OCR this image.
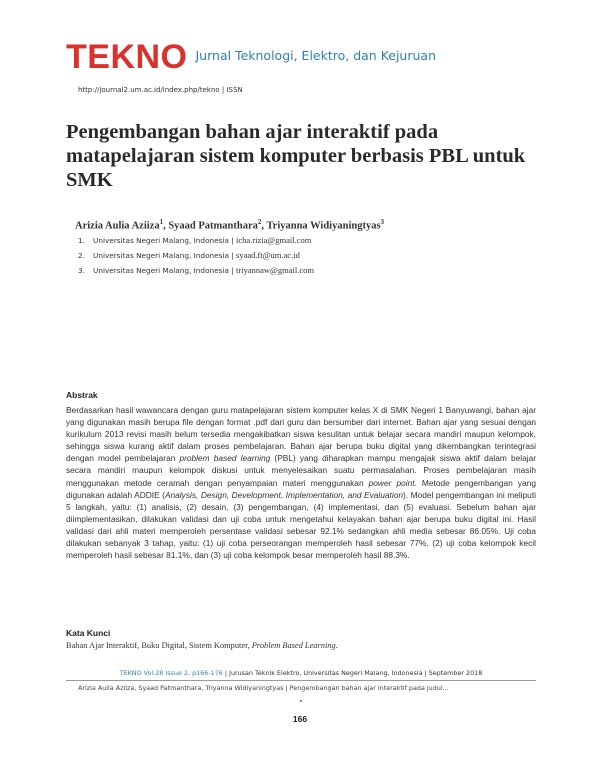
TEKNO $^{Jurnal Teknologi, Elektro, dan Kejuruan}$
http://journal2.um.ac.id/index.php/tekno | ISSN
Pengembangan bahan ajar interaktif pada matapelajaran sistem komputer berbasis PBL untuk SMK
Arizia Aulia Aziiza$^1$, Syaad Patmanthara$^2$, Triyanna Widiyaningtyas$^3$
1. Universitas Negeri Malang, Indonesia | icha.rizia@gmail.com
2. Universitas Negeri Malang, Indonesia | syaad.ft@um.ac.id
3. Universitas Negeri Malang, Indonesia | triyannaw@gmail.com
Abstrak
Berdasarkan hasil wawancara dengan guru matapelajaran sistem komputer kelas X di SMK Negeri 1 Banyuwangi, bahan ajar yang digunakan masih berupa file dengan format .pdf dari guru dan bersumber dari internet. Bahan ajar yang sesuai dengan kurikulum 2013 revisi masih belum tersedia mengakibatkan siswa kesulitan untuk belajar secara mandiri maupun kelompok, sehingga siswa kurang aktif dalam proses pembelajaran. Bahan ajar berupa buku digital yang dikembangkan terintegrasi dengan model pembelajaran problem based learning (PBL) yang diharapkan mampu mengajak siswa aktif dalam belajar secara mandiri maupun kelompok diskusi untuk menyelesaikan suatu permasalahan. Proses pembelajaran masih menggunakan metode ceramah dengan penyampaian materi menggunakan power point. Metode pengembangan yang digunakan adalah ADDIE (Analysis, Design, Development, Implementation, and Evaluation). Model pengembangan ini meliputi 5 langkah, yaitu: (1) analisis, (2) desain, (3) pengembangan, (4) implementasi, dan (5) evaluasi. Sebelum bahan ajar diimplementasikan, dilakukan validasi dan uji coba untuk mengetahui kelayakan bahan ajar berupa buku digital ini. Hasil validasi dari ahli materi memperoleh persentase validasi sebesar 92.1% sedangkan ahli media sebesar 86.05%. Uji coba dilakukan sebanyak 3 tahap, yaitu: (1) uji coba perseorangan memperoleh hasil sebesar 77%, (2) uji coba kelompok kecil memperoleh hasil sebesar 81.1%, dan (3) uji coba kelompok besar memperoleh hasil 88.3%.
Kata Kunci
Bahan Ajar Interaktif, Buku Digital, Sistem Komputer, Problem Based Learning.
TEKNO Vol.28 Issue 2, p166-176 | Jurusan Teknik Elektro, Universitas Negeri Malang, Indonesia | September 2018
Arizia Aulia Aziiza, Syaad Patmanthara, Triyanna Widiyaningtyas | Pengembangan bahan ajar interaktif pada judul...
166
